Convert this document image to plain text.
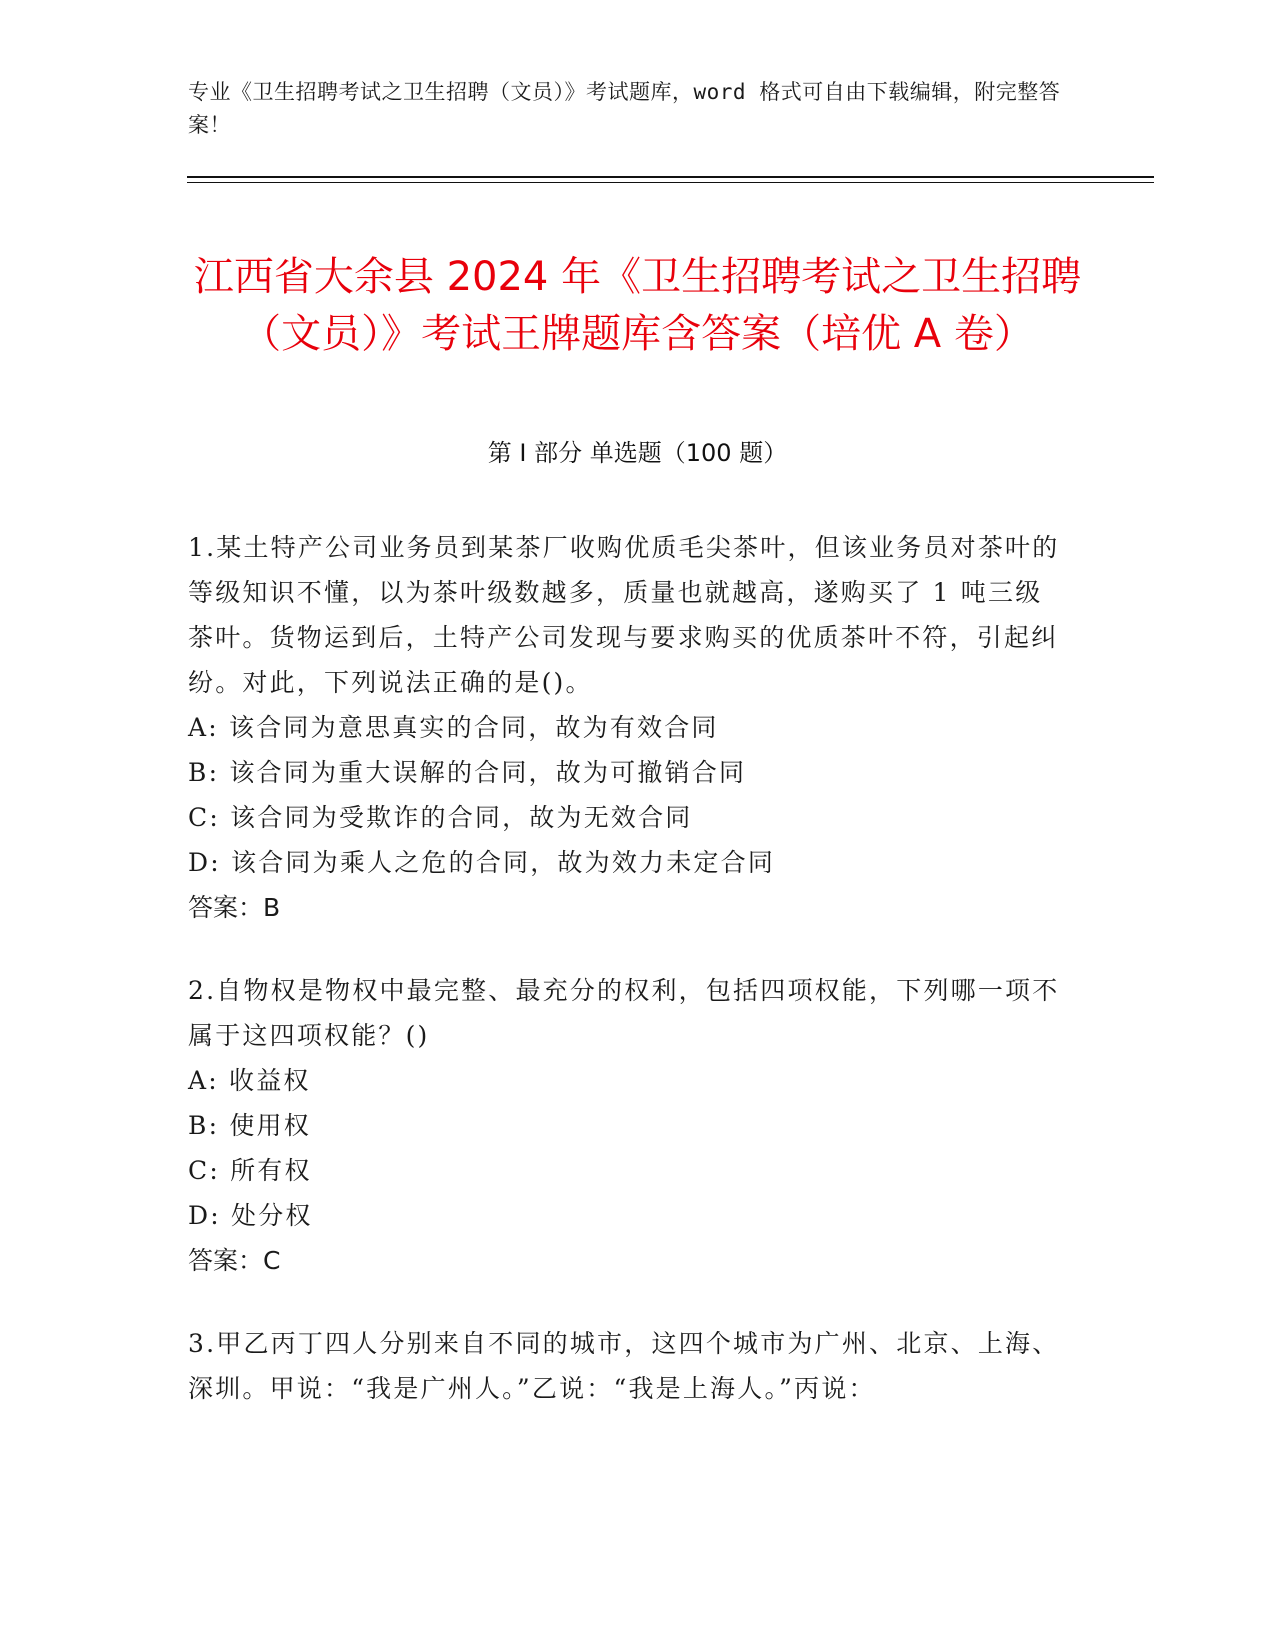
专业《卫生招聘考试之卫生招聘（文员）》考试题库，word 格式可自由下载编辑，附完整答案！
江西省大余县 2024 年《卫生招聘考试之卫生招聘（文员）》考试王牌题库含答案（培优 A 卷）
第 I 部分 单选题（100 题）

1.某土特产公司业务员到某茶厂收购优质毛尖茶叶，但该业务员对茶叶的等级知识不懂，以为茶叶级数越多，质量也就越高，遂购买了 1 吨三级茶叶。货物运到后，土特产公司发现与要求购买的优质茶叶不符，引起纠纷。对此，下列说法正确的是()。

A: 该合同为意思真实的合同，故为有效合同

B: 该合同为重大误解的合同，故为可撤销合同

C: 该合同为受欺诈的合同，故为无效合同

D: 该合同为乘人之危的合同，故为效力未定合同

答案：B

2.自物权是物权中最完整、最充分的权利，包括四项权能，下列哪一项不属于这四项权能？()

A: 收益权

B: 使用权

C: 所有权

D: 处分权

答案：C

3.甲乙丙丁四人分别来自不同的城市，这四个城市为广州、北京、上海、深圳。甲说：“我是广州人。”乙说：“我是上海人。”丙说：
